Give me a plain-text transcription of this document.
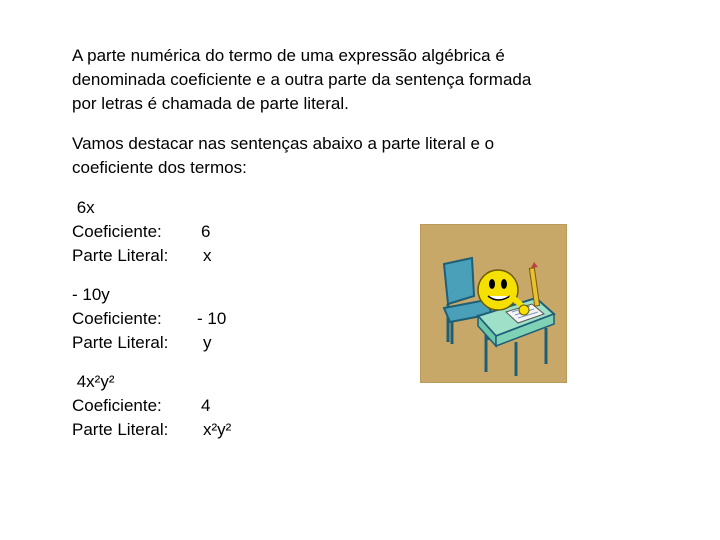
A parte numérica do termo de uma expressão algébrica é denominada coeficiente e a outra parte da sentença formada por letras é chamada de parte literal.

Vamos destacar nas sentenças abaixo a parte literal e o coeficiente dos termos:

6x
Coeficiente: 6
Parte Literal: x
- 10y
Coeficiente: - 10
Parte Literal: y
4x²y²
Coeficiente: 4
Parte Literal: x²y²
